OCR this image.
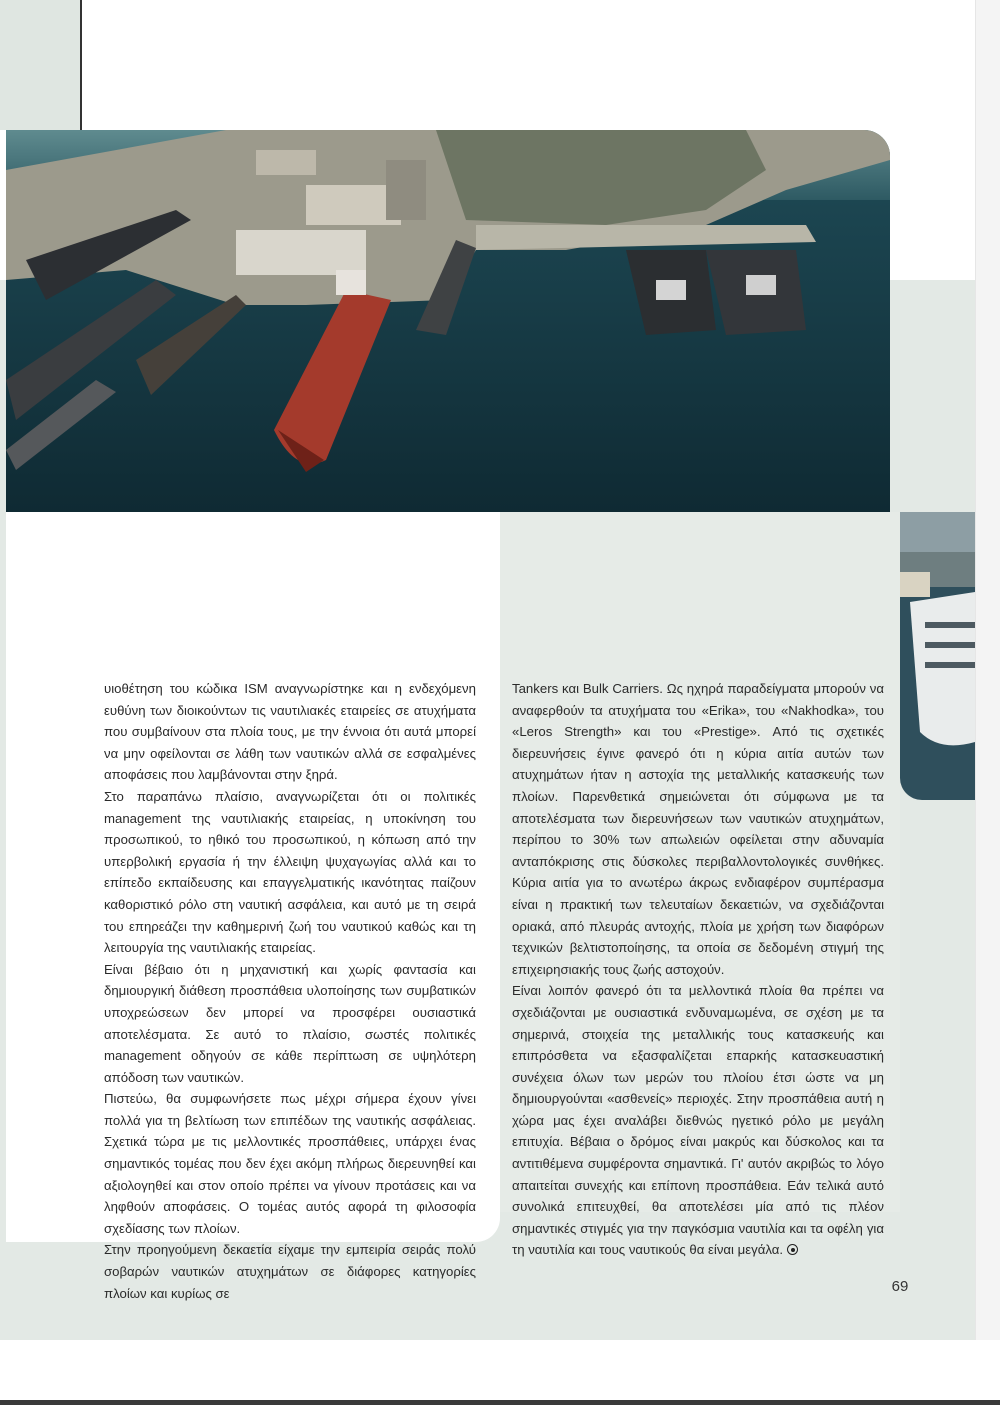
υιοθέτηση του κώδικα ISM αναγνωρίστηκε και η ενδεχόμενη ευθύνη των διοικούντων τις ναυτιλιακές εταιρείες σε ατυχήματα που συμβαίνουν στα πλοία τους, με την έννοια ότι αυτά μπορεί να μην οφείλονται σε λάθη των ναυτικών αλλά σε εσφαλμένες αποφάσεις που λαμβάνονται στην ξηρά.

Στο παραπάνω πλαίσιο, αναγνωρίζεται ότι οι πολιτικές management της ναυτιλιακής εταιρείας, η υποκίνηση του προσωπικού, το ηθικό του προσωπικού, η κόπωση από την υπερβολική εργασία ή την έλλειψη ψυχαγωγίας αλλά και το επίπεδο εκπαίδευσης και επαγγελματικής ικανότητας παίζουν καθοριστικό ρόλο στη ναυτική ασφάλεια, και αυτό με τη σειρά του επηρεάζει την καθημερινή ζωή του ναυτικού καθώς και τη λειτουργία της ναυτιλιακής εταιρείας.

Είναι βέβαιο ότι η μηχανιστική και χωρίς φαντασία και δημιουργική διάθεση προσπάθεια υλοποίησης των συμβατικών υποχρεώσεων δεν μπορεί να προσφέρει ουσιαστικά αποτελέσματα. Σε αυτό το πλαίσιο, σωστές πολιτικές management οδηγούν σε κάθε περίπτωση σε υψηλότερη απόδοση των ναυτικών.

Πιστεύω, θα συμφωνήσετε πως μέχρι σήμερα έχουν γίνει πολλά για τη βελτίωση των επιπέδων της ναυτικής ασφάλειας. Σχετικά τώρα με τις μελλοντικές προσπάθειες, υπάρχει ένας σημαντικός τομέας που δεν έχει ακόμη πλήρως διερευνηθεί και αξιολογηθεί και στον οποίο πρέπει να γίνουν προτάσεις και να ληφθούν αποφάσεις. Ο τομέας αυτός αφορά τη φιλοσοφία σχεδίασης των πλοίων.

Στην προηγούμενη δεκαετία είχαμε την εμπειρία σειράς πολύ σοβαρών ναυτικών ατυχημάτων σε διάφορες κατηγορίες πλοίων και κυρίως σε

Tankers και Bulk Carriers. Ως ηχηρά παραδείγματα μπορούν να αναφερθούν τα ατυχήματα του «Erika», του «Nakhodka», του «Leros Strength» και του «Prestige». Από τις σχετικές διερευνήσεις έγινε φανερό ότι η κύρια αιτία αυτών των ατυχημάτων ήταν η αστοχία της μεταλλικής κατασκευής των πλοίων. Παρενθετικά σημειώνεται ότι σύμφωνα με τα αποτελέσματα των διερευνήσεων των ναυτικών ατυχημάτων, περίπου το 30% των απωλειών οφείλεται στην αδυναμία ανταπόκρισης στις δύσκολες περιβαλλοντολογικές συνθήκες. Κύρια αιτία για το ανωτέρω άκρως ενδιαφέρον συμπέρασμα είναι η πρακτική των τελευταίων δεκαετιών, να σχεδιάζονται οριακά, από πλευράς αντοχής, πλοία με χρήση των διαφόρων τεχνικών βελτιστοποίησης, τα οποία σε δεδομένη στιγμή της επιχειρησιακής τους ζωής αστοχούν.

Είναι λοιπόν φανερό ότι τα μελλοντικά πλοία θα πρέπει να σχεδιάζονται με ουσιαστικά ενδυναμωμένα, σε σχέση με τα σημερινά, στοιχεία της μεταλλικής τους κατασκευής και επιπρόσθετα να εξασφαλίζεται επαρκής κατασκευαστική συνέχεια όλων των μερών του πλοίου έτσι ώστε να μη δημιουργούνται «ασθενείς» περιοχές. Στην προσπάθεια αυτή η χώρα μας έχει αναλάβει διεθνώς ηγετικό ρόλο με μεγάλη επιτυχία. Βέβαια ο δρόμος είναι μακρύς και δύσκολος και τα αντιτιθέμενα συμφέροντα σημαντικά. Γι' αυτόν ακριβώς το λόγο απαιτείται συνεχής και επίπονη προσπάθεια. Εάν τελικά αυτό συνολικά επιτευχθεί, θα αποτελέσει μία από τις πλέον σημαντικές στιγμές για την παγκόσμια ναυτιλία και τα οφέλη για τη ναυτιλία και τους ναυτικούς θα είναι μεγάλα.

69
